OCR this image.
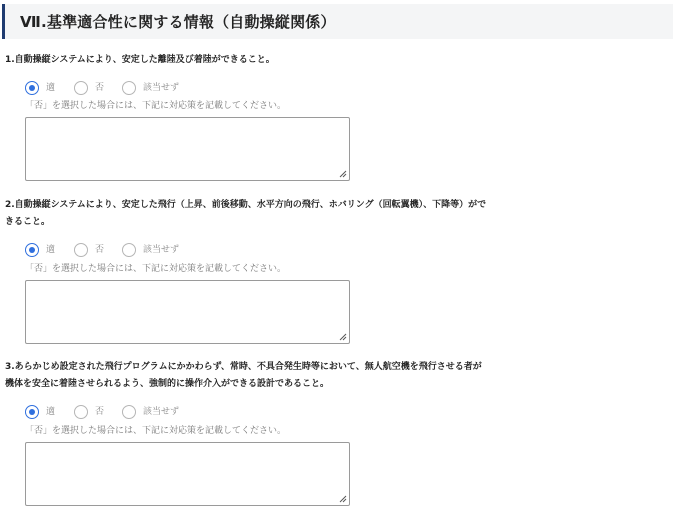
Ⅶ.基準適合性に関する情報（自動操縦関係）
1.自動操縦システムにより、安定した離陸及び着陸ができること。
適	否	該当せず
「否」を選択した場合には、下記に対応策を記載してください。
2.自動操縦システムにより、安定した飛行（上昇、前後移動、水平方向の飛行、ホバリング（回転翼機）、下降等）がで
きること。
適	否	該当せず
「否」を選択した場合には、下記に対応策を記載してください。
3.あらかじめ設定された飛行プログラムにかかわらず、常時、不具合発生時等において、無人航空機を飛行させる者が
機体を安全に着陸させられるよう、強制的に操作介入ができる設計であること。
適	否	該当せず
「否」を選択した場合には、下記に対応策を記載してください。
